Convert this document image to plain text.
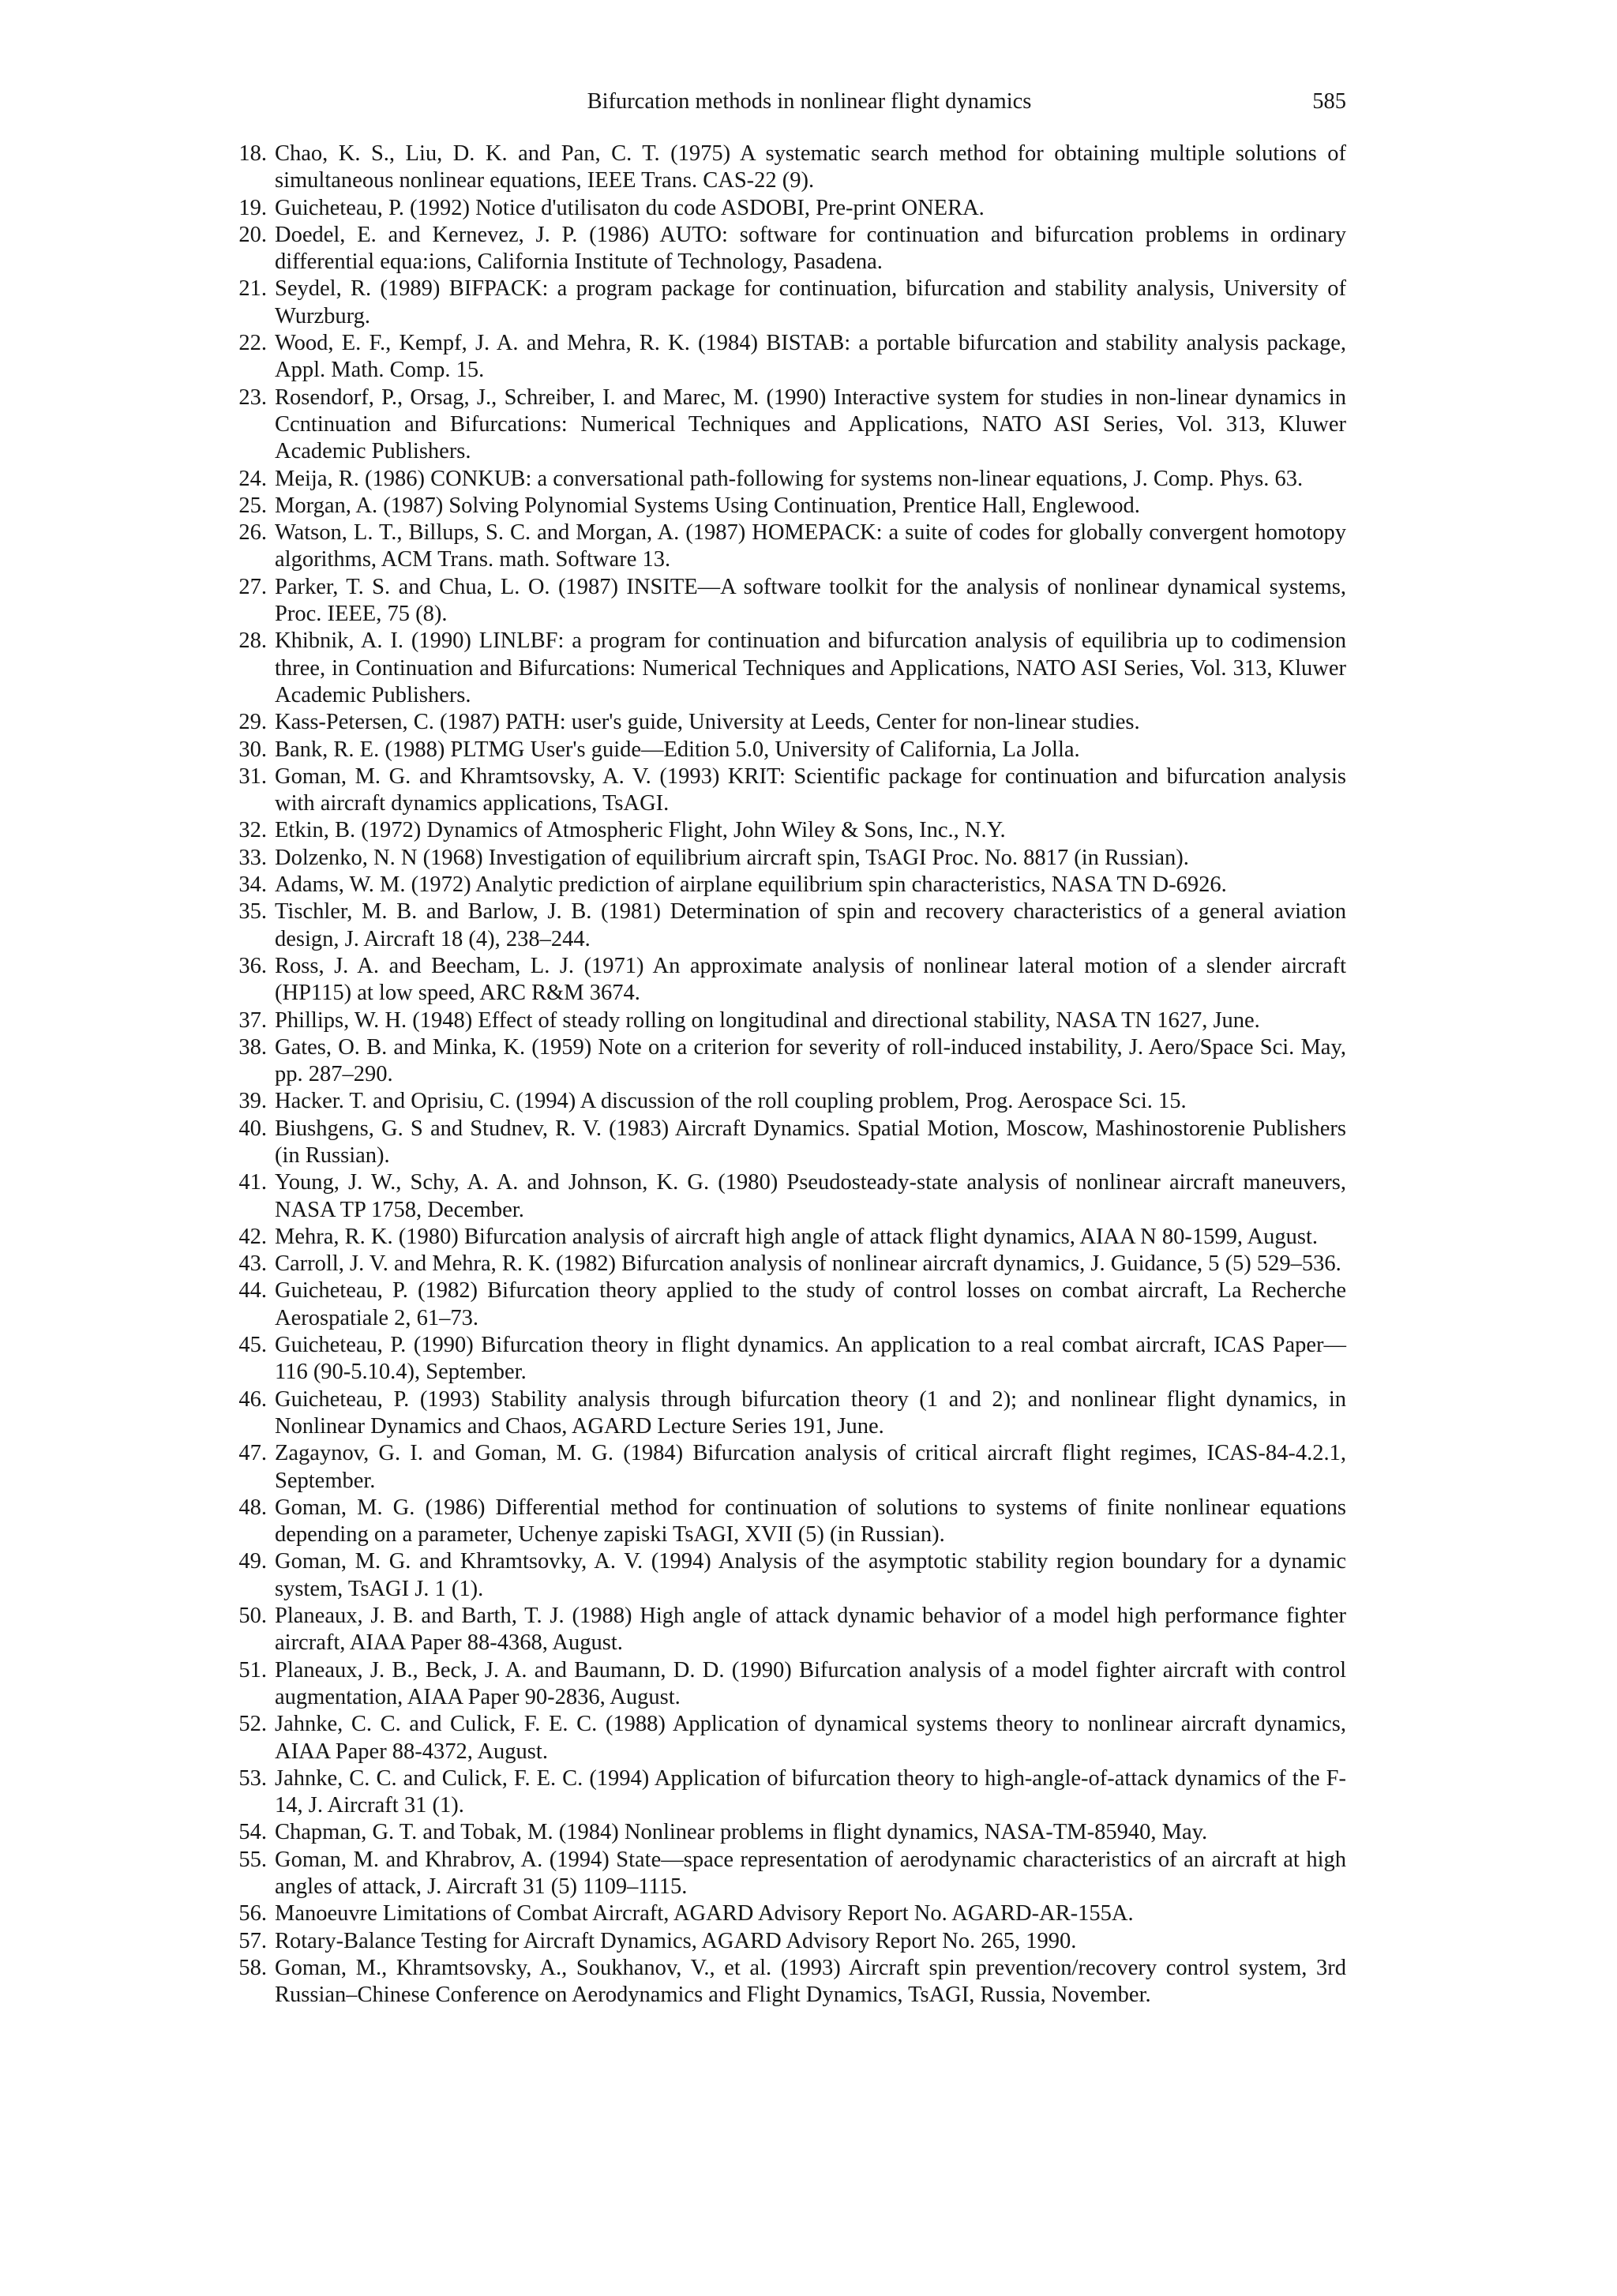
Bifurcation methods in nonlinear flight dynamics	585
18. Chao, K. S., Liu, D. K. and Pan, C. T. (1975) A systematic search method for obtaining multiple solutions of simultaneous nonlinear equations, IEEE Trans. CAS-22 (9).
19. Guicheteau, P. (1992) Notice d'utilisaton du code ASDOBI, Pre-print ONERA.
20. Doedel, E. and Kernevez, J. P. (1986) AUTO: software for continuation and bifurcation problems in ordinary differential equa:ions, California Institute of Technology, Pasadena.
21. Seydel, R. (1989) BIFPACK: a program package for continuation, bifurcation and stability analysis, University of Wurzburg.
22. Wood, E. F., Kempf, J. A. and Mehra, R. K. (1984) BISTAB: a portable bifurcation and stability analysis package, Appl. Math. Comp. 15.
23. Rosendorf, P., Orsag, J., Schreiber, I. and Marec, M. (1990) Interactive system for studies in non-linear dynamics in Ccntinuation and Bifurcations: Numerical Techniques and Applications, NATO ASI Series, Vol. 313, Kluwer Academic Publishers.
24. Meija, R. (1986) CONKUB: a conversational path-following for systems non-linear equations, J. Comp. Phys. 63.
25. Morgan, A. (1987) Solving Polynomial Systems Using Continuation, Prentice Hall, Englewood.
26. Watson, L. T., Billups, S. C. and Morgan, A. (1987) HOMEPACK: a suite of codes for globally convergent homotopy algorithms, ACM Trans. math. Software 13.
27. Parker, T. S. and Chua, L. O. (1987) INSITE—A software toolkit for the analysis of nonlinear dynamical systems, Proc. IEEE, 75 (8).
28. Khibnik, A. I. (1990) LINLBF: a program for continuation and bifurcation analysis of equilibria up to codimension three, in Continuation and Bifurcations: Numerical Techniques and Applications, NATO ASI Series, Vol. 313, Kluwer Academic Publishers.
29. Kass-Petersen, C. (1987) PATH: user's guide, University at Leeds, Center for non-linear studies.
30. Bank, R. E. (1988) PLTMG User's guide—Edition 5.0, University of California, La Jolla.
31. Goman, M. G. and Khramtsovsky, A. V. (1993) KRIT: Scientific package for continuation and bifurcation analysis with aircraft dynamics applications, TsAGI.
32. Etkin, B. (1972) Dynamics of Atmospheric Flight, John Wiley & Sons, Inc., N.Y.
33. Dolzenko, N. N (1968) Investigation of equilibrium aircraft spin, TsAGI Proc. No. 8817 (in Russian).
34. Adams, W. M. (1972) Analytic prediction of airplane equilibrium spin characteristics, NASA TN D-6926.
35. Tischler, M. B. and Barlow, J. B. (1981) Determination of spin and recovery characteristics of a general aviation design, J. Aircraft 18 (4), 238–244.
36. Ross, J. A. and Beecham, L. J. (1971) An approximate analysis of nonlinear lateral motion of a slender aircraft (HP115) at low speed, ARC R&M 3674.
37. Phillips, W. H. (1948) Effect of steady rolling on longitudinal and directional stability, NASA TN 1627, June.
38. Gates, O. B. and Minka, K. (1959) Note on a criterion for severity of roll-induced instability, J. Aero/Space Sci. May, pp. 287–290.
39. Hacker. T. and Oprisiu, C. (1994) A discussion of the roll coupling problem, Prog. Aerospace Sci. 15.
40. Biushgens, G. S and Studnev, R. V. (1983) Aircraft Dynamics. Spatial Motion, Moscow, Mashinostorenie Publishers (in Russian).
41. Young, J. W., Schy, A. A. and Johnson, K. G. (1980) Pseudosteady-state analysis of nonlinear aircraft maneuvers, NASA TP 1758, December.
42. Mehra, R. K. (1980) Bifurcation analysis of aircraft high angle of attack flight dynamics, AIAA N 80-1599, August.
43. Carroll, J. V. and Mehra, R. K. (1982) Bifurcation analysis of nonlinear aircraft dynamics, J. Guidance, 5 (5) 529–536.
44. Guicheteau, P. (1982) Bifurcation theory applied to the study of control losses on combat aircraft, La Recherche Aerospatiale 2, 61–73.
45. Guicheteau, P. (1990) Bifurcation theory in flight dynamics. An application to a real combat aircraft, ICAS Paper—116 (90-5.10.4), September.
46. Guicheteau, P. (1993) Stability analysis through bifurcation theory (1 and 2); and nonlinear flight dynamics, in Nonlinear Dynamics and Chaos, AGARD Lecture Series 191, June.
47. Zagaynov, G. I. and Goman, M. G. (1984) Bifurcation analysis of critical aircraft flight regimes, ICAS-84-4.2.1, September.
48. Goman, M. G. (1986) Differential method for continuation of solutions to systems of finite nonlinear equations depending on a parameter, Uchenye zapiski TsAGI, XVII (5) (in Russian).
49. Goman, M. G. and Khramtsovky, A. V. (1994) Analysis of the asymptotic stability region boundary for a dynamic system, TsAGI J. 1 (1).
50. Planeaux, J. B. and Barth, T. J. (1988) High angle of attack dynamic behavior of a model high performance fighter aircraft, AIAA Paper 88-4368, August.
51. Planeaux, J. B., Beck, J. A. and Baumann, D. D. (1990) Bifurcation analysis of a model fighter aircraft with control augmentation, AIAA Paper 90-2836, August.
52. Jahnke, C. C. and Culick, F. E. C. (1988) Application of dynamical systems theory to nonlinear aircraft dynamics, AIAA Paper 88-4372, August.
53. Jahnke, C. C. and Culick, F. E. C. (1994) Application of bifurcation theory to high-angle-of-attack dynamics of the F-14, J. Aircraft 31 (1).
54. Chapman, G. T. and Tobak, M. (1984) Nonlinear problems in flight dynamics, NASA-TM-85940, May.
55. Goman, M. and Khrabrov, A. (1994) State—space representation of aerodynamic characteristics of an aircraft at high angles of attack, J. Aircraft 31 (5) 1109–1115.
56. Manoeuvre Limitations of Combat Aircraft, AGARD Advisory Report No. AGARD-AR-155A.
57. Rotary-Balance Testing for Aircraft Dynamics, AGARD Advisory Report No. 265, 1990.
58. Goman, M., Khramtsovsky, A., Soukhanov, V., et al. (1993) Aircraft spin prevention/recovery control system, 3rd Russian–Chinese Conference on Aerodynamics and Flight Dynamics, TsAGI, Russia, November.
